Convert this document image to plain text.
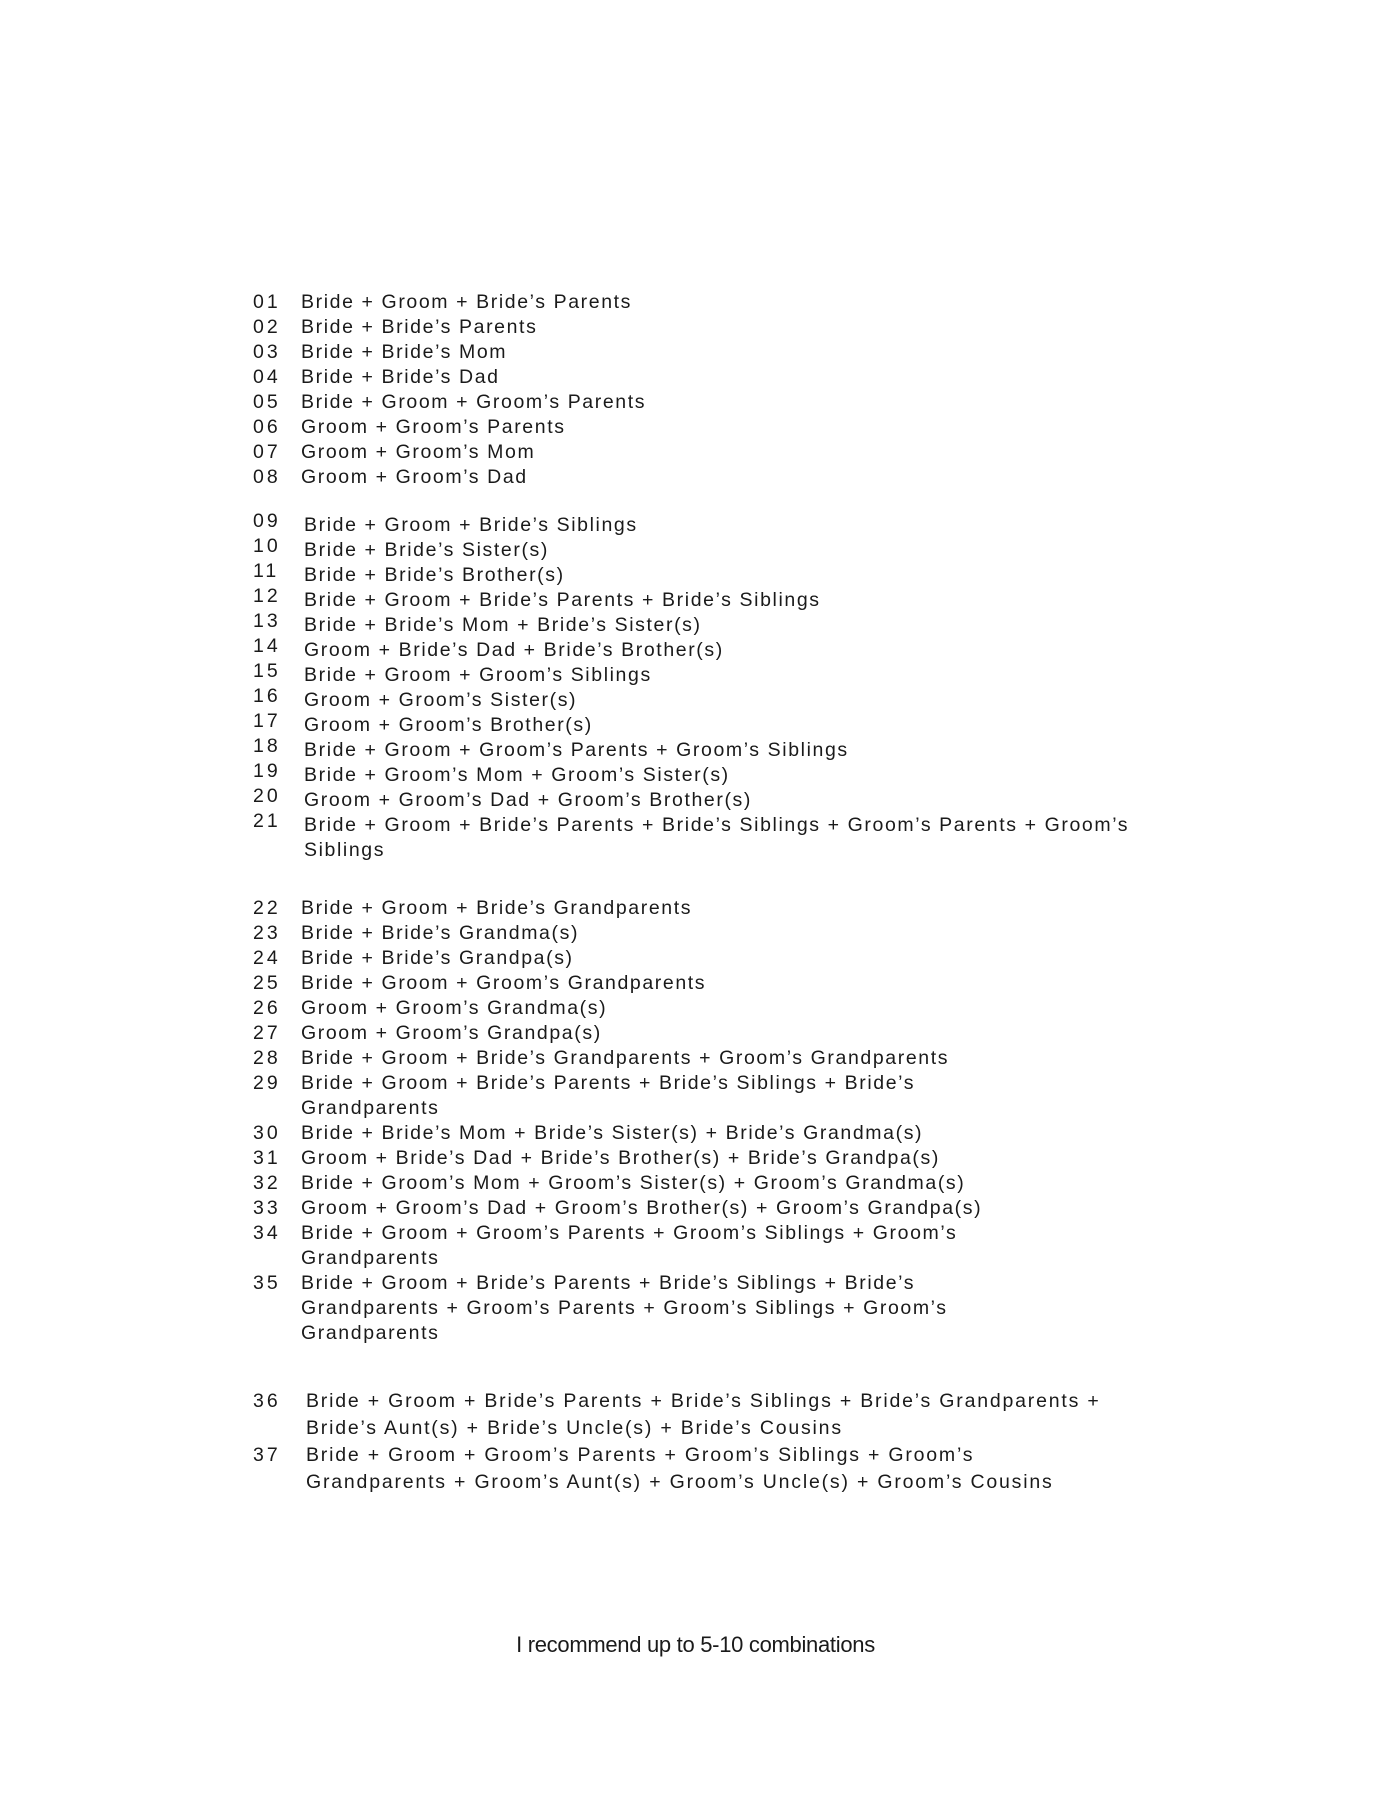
01	Bride + Groom + Bride’s Parents
02	Bride + Bride’s Parents
03	Bride + Bride’s Mom
04	Bride + Bride’s Dad
05	Bride + Groom + Groom’s Parents
06	Groom + Groom’s Parents
07	Groom + Groom’s Mom
08	Groom + Groom’s Dad
09	Bride + Groom + Bride’s Siblings
10	Bride + Bride’s Sister(s)
11	Bride + Bride’s Brother(s)
12	Bride + Groom + Bride’s Parents + Bride’s Siblings
13	Bride + Bride’s Mom + Bride’s Sister(s)
14	Groom + Bride’s Dad + Bride’s Brother(s)
15	Bride + Groom + Groom’s Siblings
16	Groom + Groom’s Sister(s)
17	Groom + Groom’s Brother(s)
18	Bride + Groom + Groom’s Parents + Groom’s Siblings
19	Bride + Groom’s Mom + Groom’s Sister(s)
20	Groom + Groom’s Dad + Groom’s Brother(s)
21	Bride + Groom + Bride’s Parents + Bride’s Siblings + Groom’s Parents + Groom’s Siblings
22	Bride + Groom + Bride’s Grandparents
23	Bride + Bride’s Grandma(s)
24	Bride + Bride’s Grandpa(s)
25	Bride + Groom + Groom’s Grandparents
26	Groom + Groom’s Grandma(s)
27	Groom + Groom’s Grandpa(s)
28	Bride + Groom + Bride’s Grandparents + Groom’s Grandparents
29	Bride + Groom + Bride’s Parents + Bride’s Siblings + Bride’s Grandparents
30	Bride + Bride’s Mom + Bride’s Sister(s) + Bride’s Grandma(s)
31	Groom + Bride’s Dad + Bride’s Brother(s) + Bride’s Grandpa(s)
32	Bride + Groom’s Mom + Groom’s Sister(s) + Groom’s Grandma(s)
33	Groom + Groom’s Dad + Groom’s Brother(s) + Groom’s Grandpa(s)
34	Bride + Groom + Groom’s Parents + Groom’s Siblings + Groom’s Grandparents
35	Bride + Groom + Bride’s Parents + Bride’s Siblings + Bride’s Grandparents + Groom’s Parents + Groom’s Siblings + Groom’s Grandparents
36	Bride + Groom + Bride’s Parents + Bride’s Siblings + Bride’s Grandparents + Bride’s Aunt(s) + Bride’s Uncle(s) + Bride’s Cousins
37	Bride + Groom + Groom’s Parents + Groom’s Siblings + Groom’s Grandparents + Groom’s Aunt(s) + Groom’s Uncle(s) + Groom’s Cousins
I recommend up to 5-10 combinations
